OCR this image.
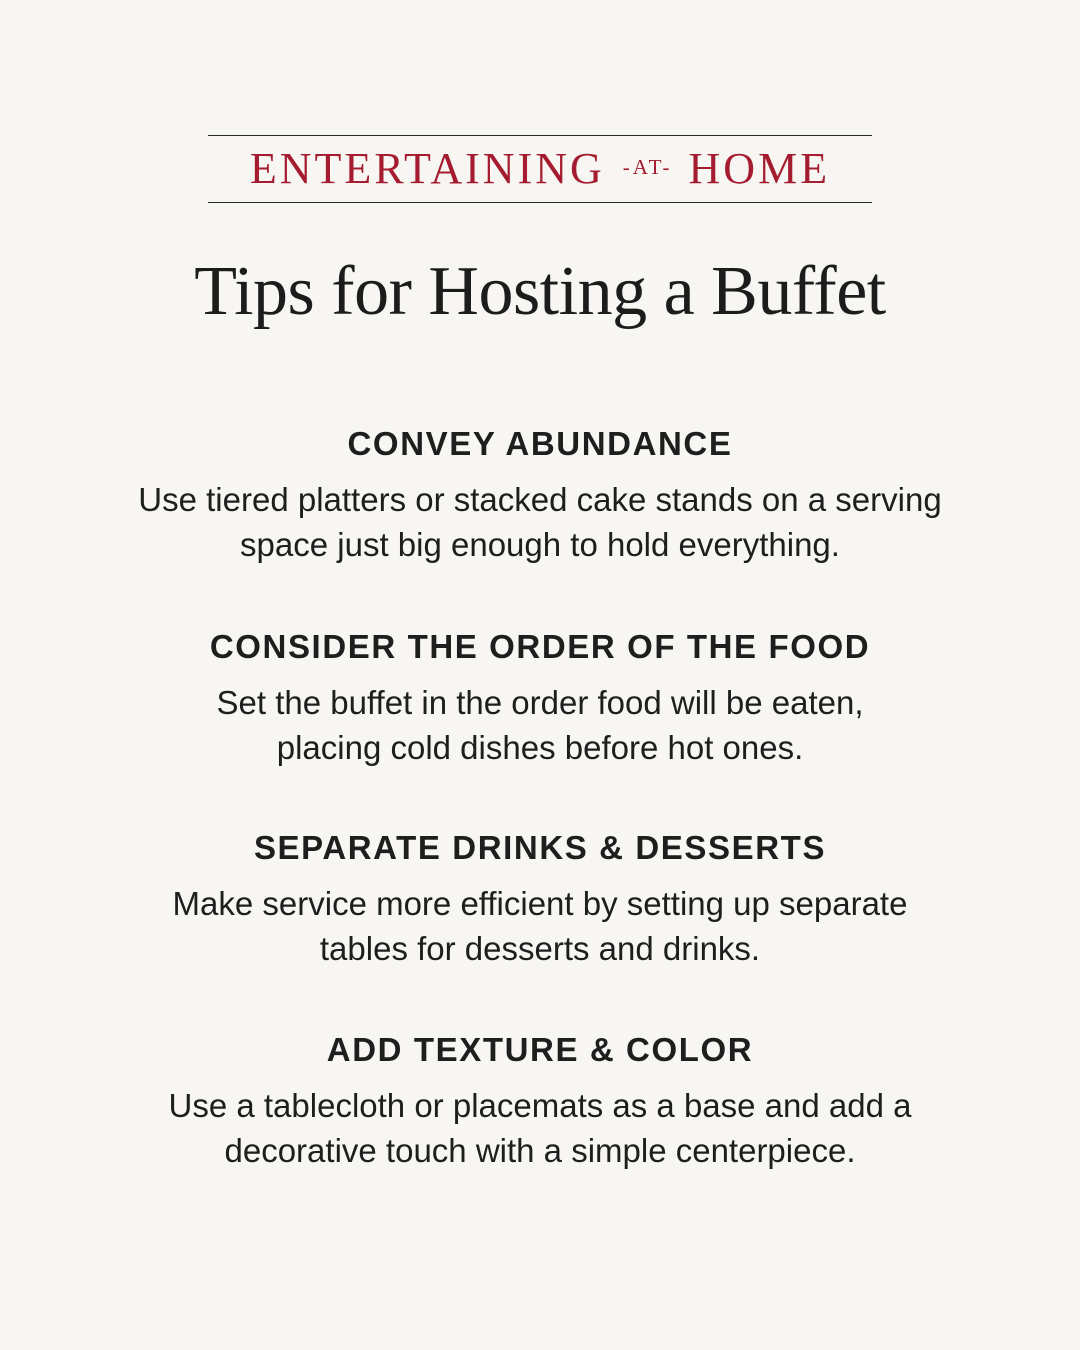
ENTERTAINING -AT- HOME
Tips for Hosting a Buffet
CONVEY ABUNDANCE

Use tiered platters or stacked cake stands on a serving

space just big enough to hold everything.

CONSIDER THE ORDER OF THE FOOD

Set the buffet in the order food will be eaten,

placing cold dishes before hot ones.

SEPARATE DRINKS & DESSERTS

Make service more efficient by setting up separate

tables for desserts and drinks.

ADD TEXTURE & COLOR

Use a tablecloth or placemats as a base and add a

decorative touch with a simple centerpiece.
